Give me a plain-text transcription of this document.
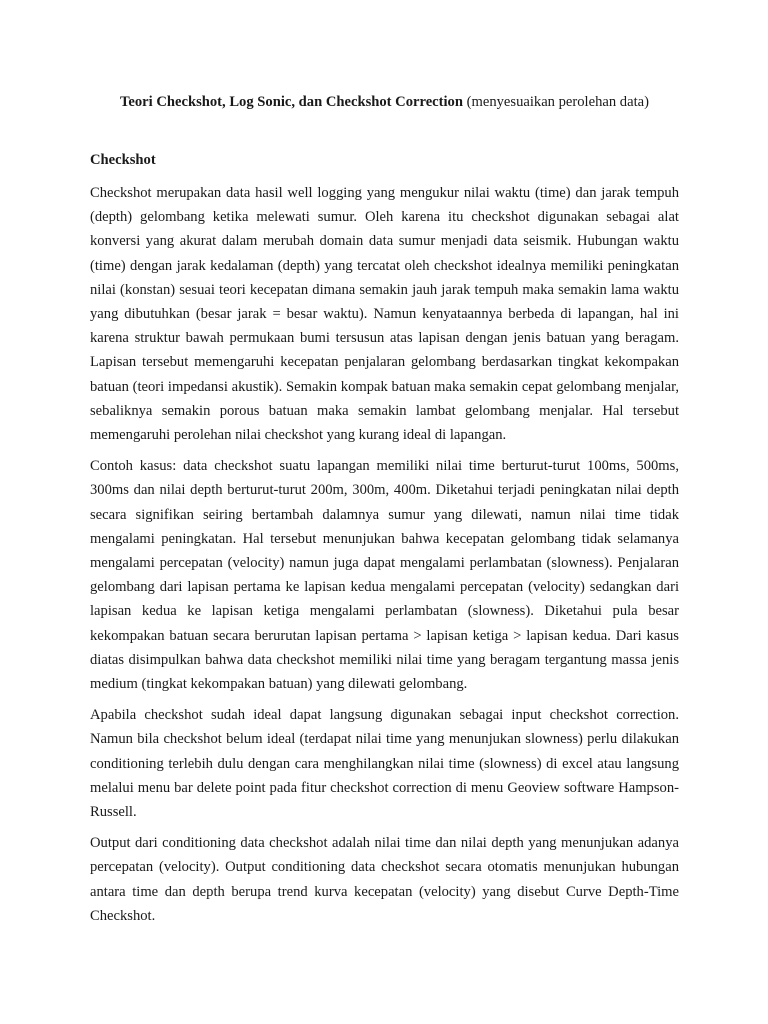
Teori Checkshot, Log Sonic, dan Checkshot Correction (menyesuaikan perolehan data)
Checkshot

Checkshot merupakan data hasil well logging yang mengukur nilai waktu (time) dan jarak tempuh (depth) gelombang ketika melewati sumur. Oleh karena itu checkshot digunakan sebagai alat konversi yang akurat dalam merubah domain data sumur menjadi data seismik. Hubungan waktu (time) dengan jarak kedalaman (depth) yang tercatat oleh checkshot idealnya memiliki peningkatan nilai (konstan) sesuai teori kecepatan dimana semakin jauh jarak tempuh maka semakin lama waktu yang dibutuhkan (besar jarak = besar waktu). Namun kenyataannya berbeda di lapangan, hal ini karena struktur bawah permukaan bumi tersusun atas lapisan dengan jenis batuan yang beragam. Lapisan tersebut memengaruhi kecepatan penjalaran gelombang berdasarkan tingkat kekompakan batuan (teori impedansi akustik). Semakin kompak batuan maka semakin cepat gelombang menjalar, sebaliknya semakin porous batuan maka semakin lambat gelombang menjalar. Hal tersebut memengaruhi perolehan nilai checkshot yang kurang ideal di lapangan.

Contoh kasus: data checkshot suatu lapangan memiliki nilai time berturut-turut 100ms, 500ms, 300ms dan nilai depth berturut-turut 200m, 300m, 400m. Diketahui terjadi peningkatan nilai depth secara signifikan seiring bertambah dalamnya sumur yang dilewati, namun nilai time tidak mengalami peningkatan. Hal tersebut menunjukan bahwa kecepatan gelombang tidak selamanya mengalami percepatan (velocity) namun juga dapat mengalami perlambatan (slowness). Penjalaran gelombang dari lapisan pertama ke lapisan kedua mengalami percepatan (velocity) sedangkan dari lapisan kedua ke lapisan ketiga mengalami perlambatan (slowness). Diketahui pula besar kekompakan batuan secara berurutan lapisan pertama > lapisan ketiga > lapisan kedua. Dari kasus diatas disimpulkan bahwa data checkshot memiliki nilai time yang beragam tergantung massa jenis medium (tingkat kekompakan batuan) yang dilewati gelombang.

Apabila checkshot sudah ideal dapat langsung digunakan sebagai input checkshot correction. Namun bila checkshot belum ideal (terdapat nilai time yang menunjukan slowness) perlu dilakukan conditioning terlebih dulu dengan cara menghilangkan nilai time (slowness) di excel atau langsung melalui menu bar delete point pada fitur checkshot correction di menu Geoview software Hampson-Russell.

Output dari conditioning data checkshot adalah nilai time dan nilai depth yang menunjukan adanya percepatan (velocity). Output conditioning data checkshot secara otomatis menunjukan hubungan antara time dan depth berupa trend kurva kecepatan (velocity) yang disebut Curve Depth-Time Checkshot.
